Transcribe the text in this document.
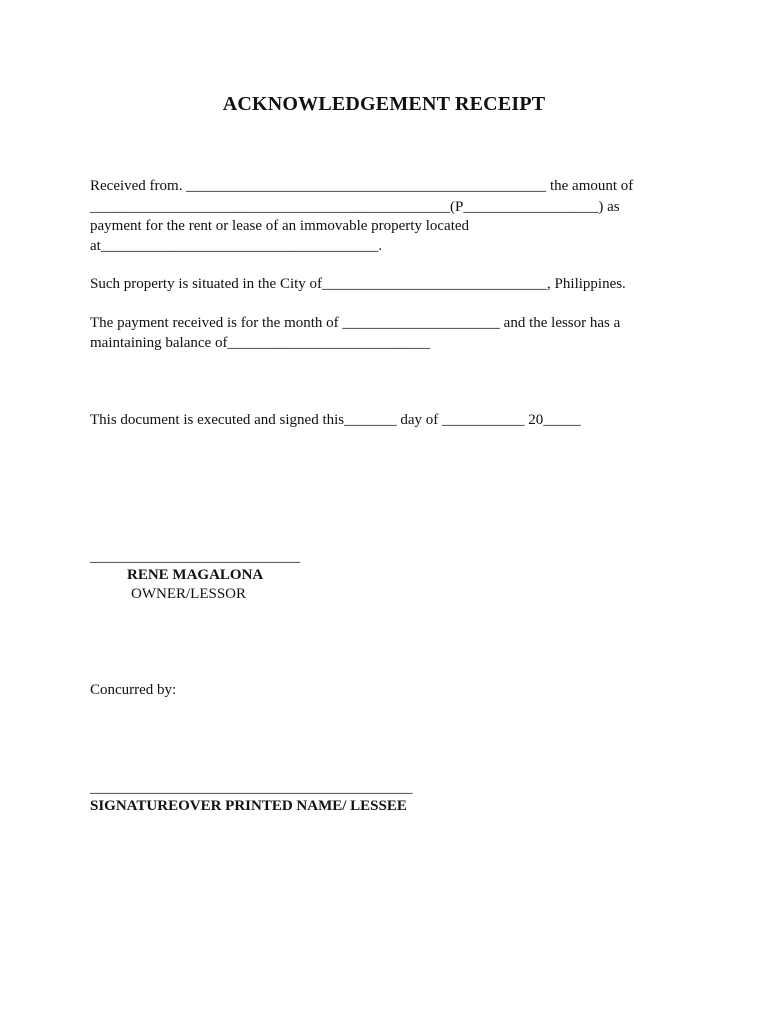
ACKNOWLEDGEMENT RECEIPT
Received from. ________________________________________________ the amount of
________________________________________________(P__________________) as
payment for the rent or lease of an immovable property located
at_____________________________________.
Such property is situated in the City of______________________________, Philippines.
The payment received is for the month of _____________________ and the lessor has a
maintaining balance of___________________________
This document is executed and signed this_______ day of ___________ 20_____
____________________________
RENE MAGALONA
OWNER/LESSOR
Concurred by:
___________________________________________
SIGNATUREOVER PRINTED NAME/ LESSEE
